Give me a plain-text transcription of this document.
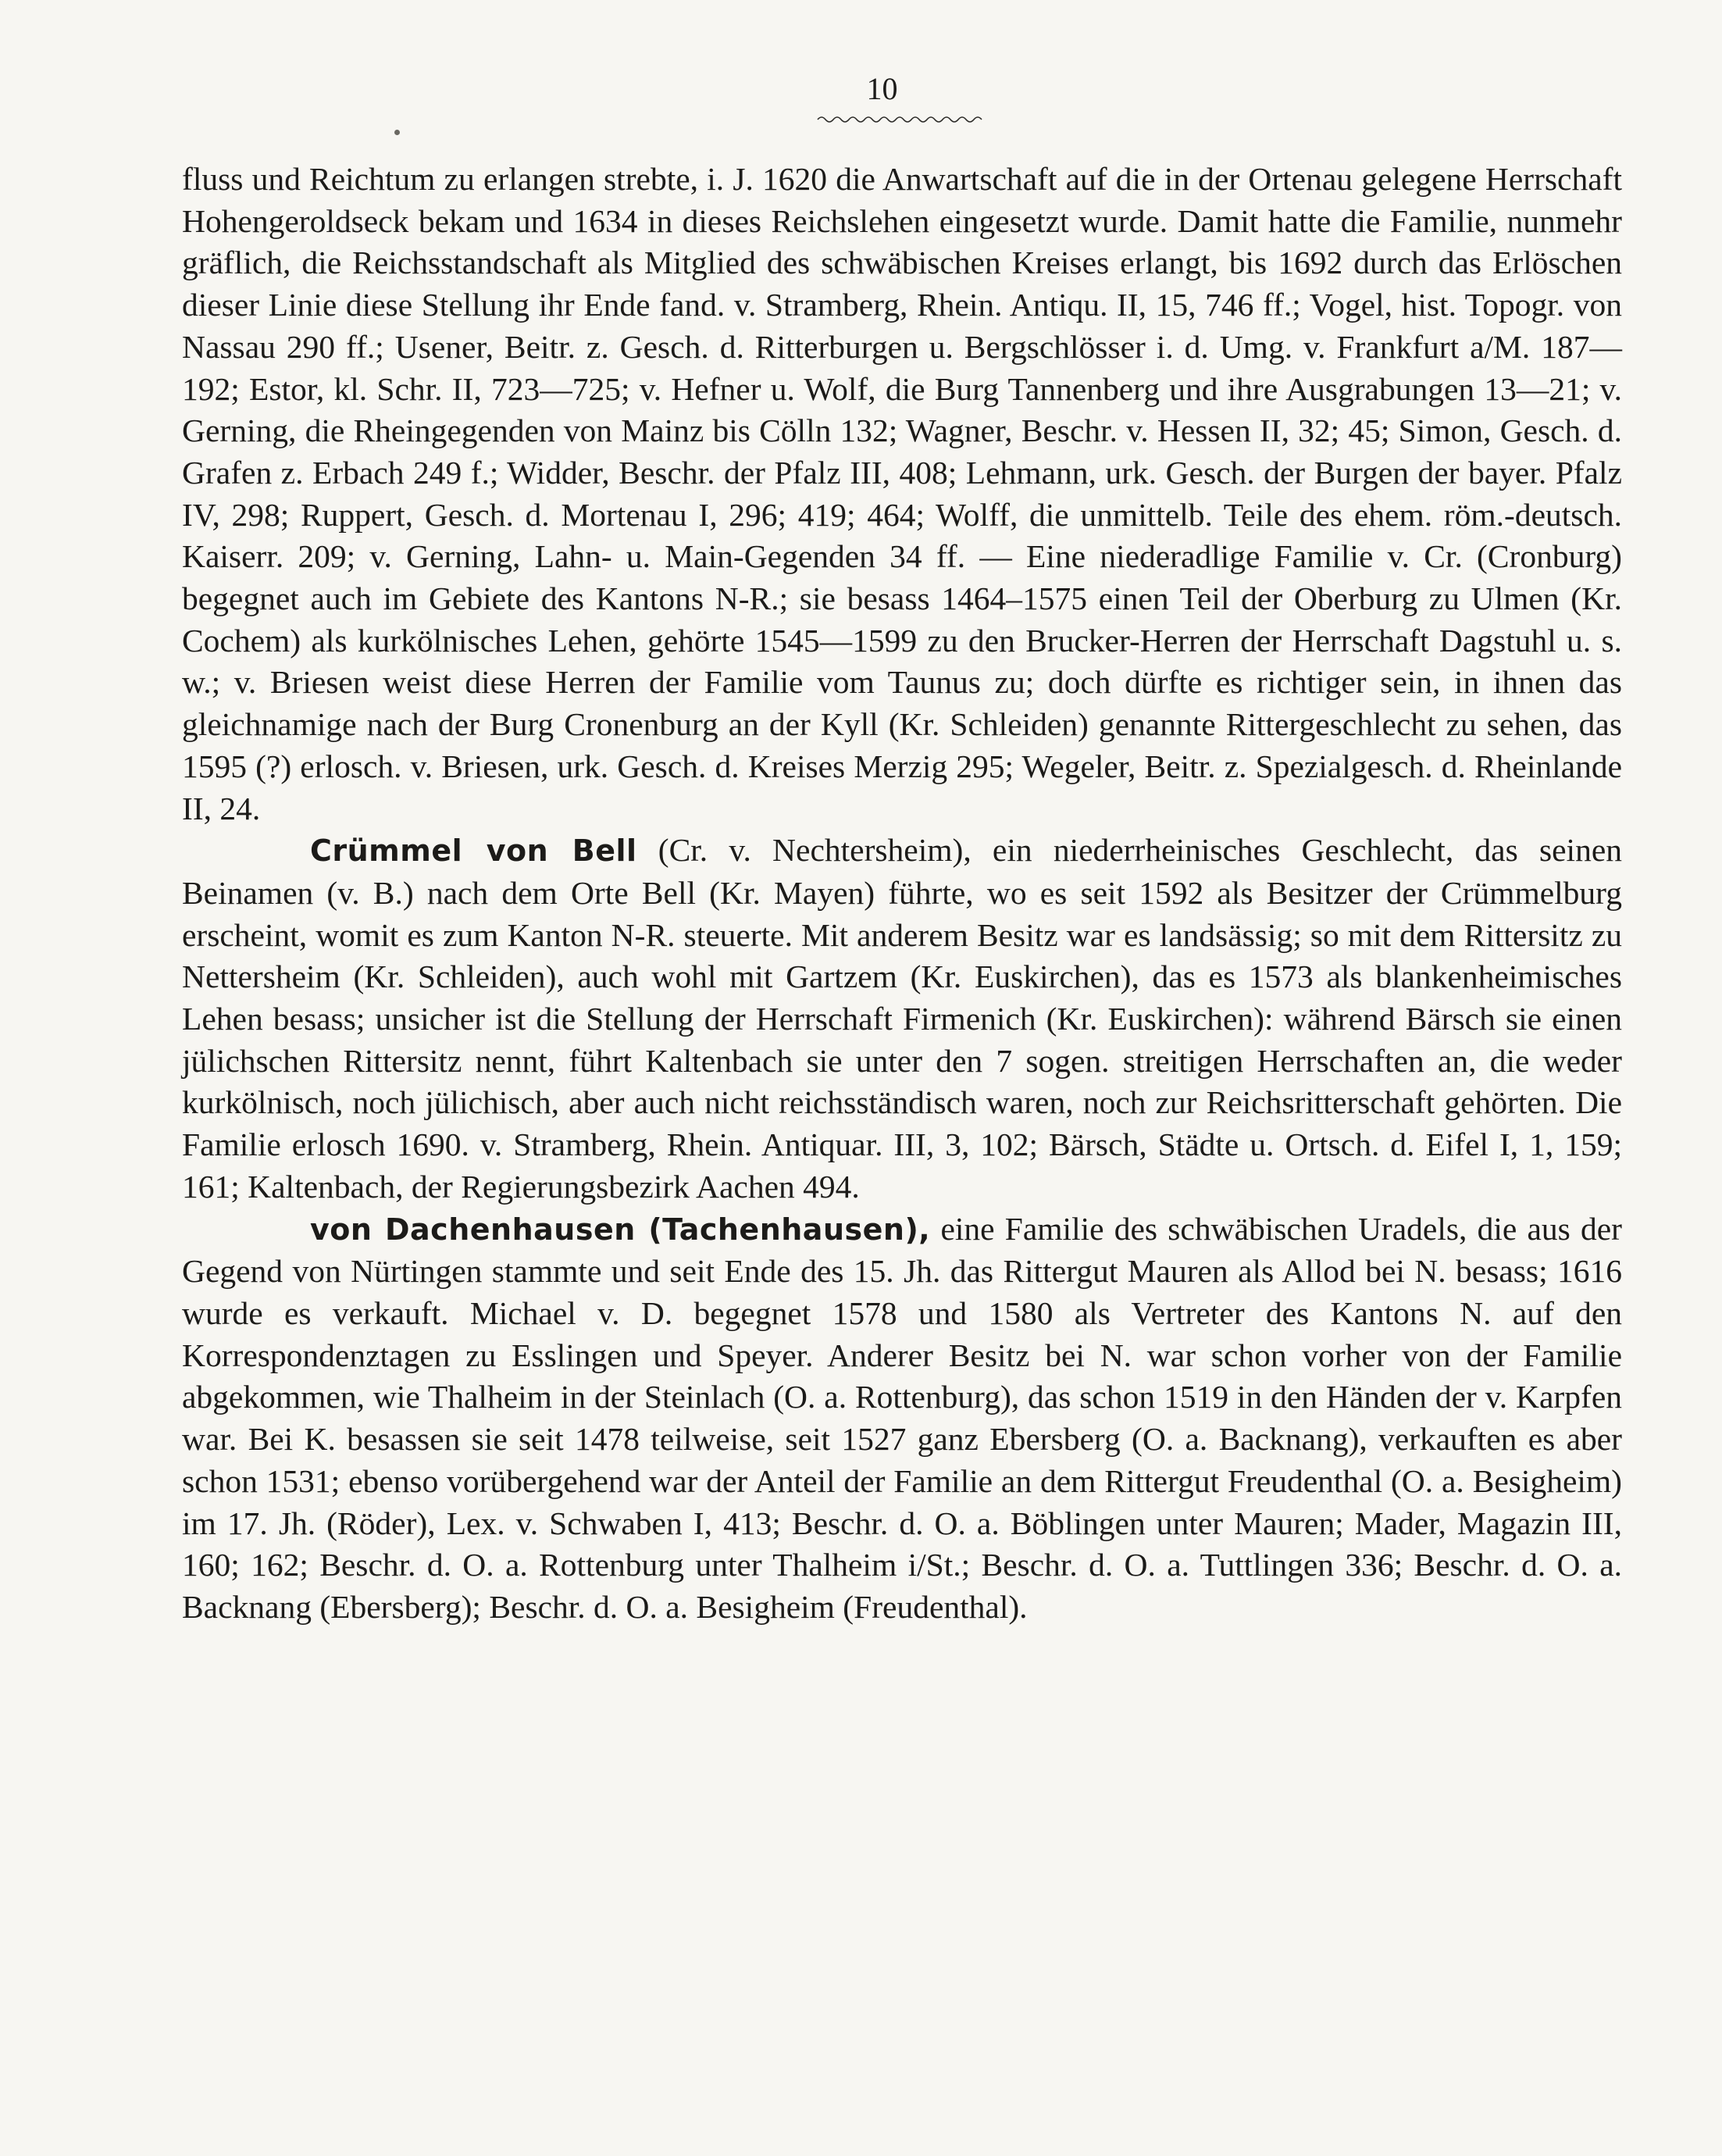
10

fluss und Reichtum zu erlangen strebte, i. J. 1620 die Anwartschaft auf die in der Ortenau gelegene Herrschaft Hohengeroldseck bekam und 1634 in dieses Reichslehen eingesetzt wurde. Damit hatte die Familie, nunmehr gräflich, die Reichsstandschaft als Mitglied des schwäbischen Kreises erlangt, bis 1692 durch das Erlöschen dieser Linie diese Stellung ihr Ende fand. v. Stramberg, Rhein. Antiqu. II, 15, 746 ff.; Vogel, hist. Topogr. von Nassau 290 ff.; Usener, Beitr. z. Gesch. d. Ritterburgen u. Bergschlösser i. d. Umg. v. Frankfurt a/M. 187—192; Estor, kl. Schr. II, 723—725; v. Hefner u. Wolf, die Burg Tannenberg und ihre Ausgrabungen 13—21; v. Gerning, die Rheingegenden von Mainz bis Cölln 132; Wagner, Beschr. v. Hessen II, 32; 45; Simon, Gesch. d. Grafen z. Erbach 249 f.; Widder, Beschr. der Pfalz III, 408; Lehmann, urk. Gesch. der Burgen der bayer. Pfalz IV, 298; Ruppert, Gesch. d. Mortenau I, 296; 419; 464; Wolff, die unmittelb. Teile des ehem. röm.-deutsch. Kaiserr. 209; v. Gerning, Lahn- u. Main-Gegenden 34 ff. — Eine niederadlige Familie v. Cr. (Cronburg) begegnet auch im Gebiete des Kantons N-R.; sie besass 1464–1575 einen Teil der Oberburg zu Ulmen (Kr. Cochem) als kurkölnisches Lehen, gehörte 1545—1599 zu den Brucker-Herren der Herrschaft Dagstuhl u. s. w.; v. Briesen weist diese Herren der Familie vom Taunus zu; doch dürfte es richtiger sein, in ihnen das gleichnamige nach der Burg Cronenburg an der Kyll (Kr. Schleiden) genannte Rittergeschlecht zu sehen, das 1595 (?) erlosch. v. Briesen, urk. Gesch. d. Kreises Merzig 295; Wegeler, Beitr. z. Spezialgesch. d. Rheinlande II, 24.

Crümmel von Bell (Cr. v. Nechtersheim), ein niederrheinisches Geschlecht, das seinen Beinamen (v. B.) nach dem Orte Bell (Kr. Mayen) führte, wo es seit 1592 als Besitzer der Crümmelburg erscheint, womit es zum Kanton N-R. steuerte. Mit anderem Besitz war es landsässig; so mit dem Rittersitz zu Nettersheim (Kr. Schleiden), auch wohl mit Gartzem (Kr. Euskirchen), das es 1573 als blankenheimisches Lehen besass; unsicher ist die Stellung der Herrschaft Firmenich (Kr. Euskirchen): während Bärsch sie einen jülichschen Rittersitz nennt, führt Kaltenbach sie unter den 7 sogen. streitigen Herrschaften an, die weder kurkölnisch, noch jülichisch, aber auch nicht reichsständisch waren, noch zur Reichsritterschaft gehörten. Die Familie erlosch 1690. v. Stramberg, Rhein. Antiquar. III, 3, 102; Bärsch, Städte u. Ortsch. d. Eifel I, 1, 159; 161; Kaltenbach, der Regierungsbezirk Aachen 494.

von Dachenhausen (Tachenhausen), eine Familie des schwäbischen Uradels, die aus der Gegend von Nürtingen stammte und seit Ende des 15. Jh. das Rittergut Mauren als Allod bei N. besass; 1616 wurde es verkauft. Michael v. D. begegnet 1578 und 1580 als Vertreter des Kantons N. auf den Korrespondenztagen zu Esslingen und Speyer. Anderer Besitz bei N. war schon vorher von der Familie abgekommen, wie Thalheim in der Steinlach (O. a. Rottenburg), das schon 1519 in den Händen der v. Karpfen war. Bei K. besassen sie seit 1478 teilweise, seit 1527 ganz Ebersberg (O. a. Backnang), verkauften es aber schon 1531; ebenso vorübergehend war der Anteil der Familie an dem Rittergut Freudenthal (O. a. Besigheim) im 17. Jh. (Röder), Lex. v. Schwaben I, 413; Beschr. d. O. a. Böblingen unter Mauren; Mader, Magazin III, 160; 162; Beschr. d. O. a. Rottenburg unter Thalheim i/St.; Beschr. d. O. a. Tuttlingen 336; Beschr. d. O. a. Backnang (Ebersberg); Beschr. d. O. a. Besigheim (Freudenthal).
